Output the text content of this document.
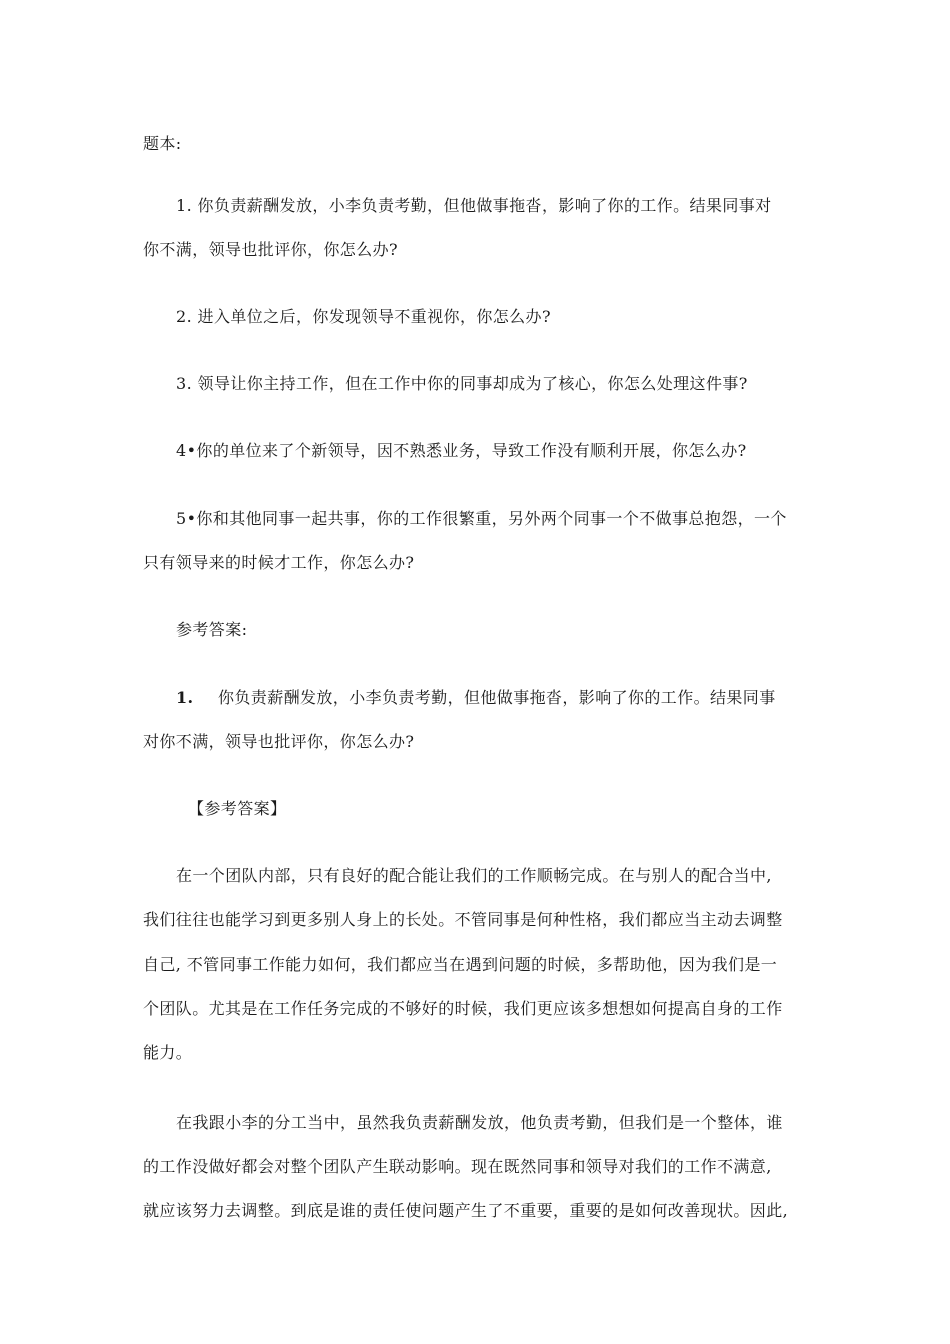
题本:
1. 你负责薪酬发放，小李负责考勤，但他做事拖沓，影响了你的工作。结果同事对
你不满，领导也批评你，你怎么办?
2. 进入单位之后，你发现领导不重视你，你怎么办?
3. 领导让你主持工作，但在工作中你的同事却成为了核心，你怎么处理这件事?
4•你的单位来了个新领导，因不熟悉业务，导致工作没有顺利开展，你怎么办?
5•你和其他同事一起共事，你的工作很繁重，另外两个同事一个不做事总抱怨，一个
只有领导来的时候才工作，你怎么办?
参考答案:
1. 你负责薪酬发放，小李负责考勤，但他做事拖沓，影响了你的工作。结果同事
对你不满，领导也批评你，你怎么办?
【参考答案】
在一个团队内部，只有良好的配合能让我们的工作顺畅完成。在与别人的配合当中,
我们往往也能学习到更多别人身上的长处。不管同事是何种性格，我们都应当主动去调整
自己, 不管同事工作能力如何，我们都应当在遇到问题的时候，多帮助他，因为我们是一
个团队。尤其是在工作任务完成的不够好的时候，我们更应该多想想如何提高自身的工作
能力。
在我跟小李的分工当中，虽然我负责薪酬发放，他负责考勤，但我们是一个整体，谁
的工作没做好都会对整个团队产生联动影响。现在既然同事和领导对我们的工作不满意,
就应该努力去调整。到底是谁的责任使问题产生了不重要，重要的是如何改善现状。因此,
